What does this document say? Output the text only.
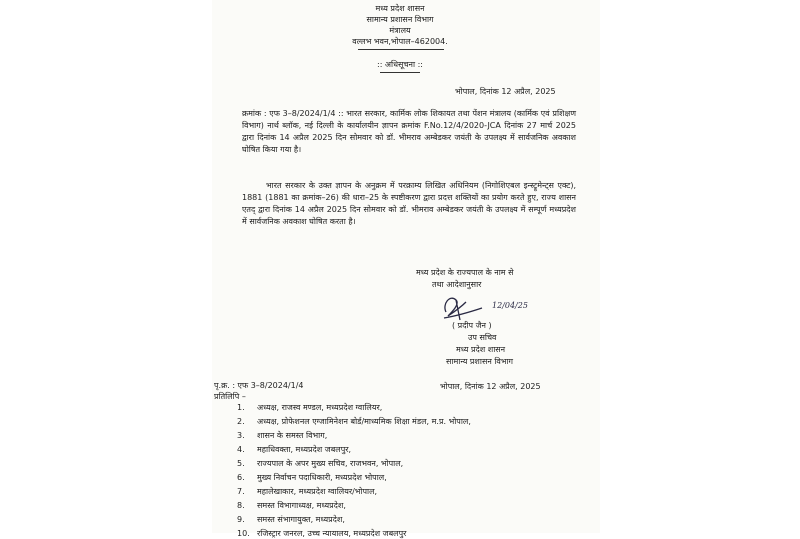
मध्य प्रदेश शासन
सामान्य प्रशासन विभाग
मंत्रालय
वल्लभ भवन,भोपाल–462004.
:: अधिसूचना ::
भोपाल, दिनांक 12 अप्रैल, 2025
क्रमांक : एफ 3–8/2024/1/4 :: भारत सरकार, कार्मिक लोक शिकायत तथा पेंशन मंत्रालय (कार्मिक एवं प्रशिक्षण विभाग) नार्थ ब्लॉक, नई दिल्ली के कार्यालयीन ज्ञापन क्रमांक F.No.12/4/2020-JCA दिनांक 27 मार्च 2025 द्वारा दिनांक 14 अप्रैल 2025 दिन सोमवार को डॉ. भीमराव अम्बेडकर जयंती के उपलक्ष्य में सार्वजनिक अवकाश घोषित किया गया है।
भारत सरकार के उक्त ज्ञापन के अनुक्रम में परक्राम्य लिखित अधिनियम (निगोशिएबल इन्स्ट्रूमेन्ट्स एक्ट), 1881 (1881 का क्रमांक–26) की धारा–25 के स्पष्टीकरण द्वारा प्रदत्त शक्तियों का प्रयोग करते हुए, राज्य शासन एतद् द्वारा दिनांक 14 अप्रैल 2025 दिन सोमवार को डॉ. भीमराव अम्बेडकर जयंती के उपलक्ष्य में सम्पूर्ण मध्यप्रदेश में सार्वजनिक अवकाश घोषित करता है।
मध्य प्रदेश के राज्यपाल के नाम से
तथा आदेशानुसार
12/04/25
( प्रदीप जैन )
उप सचिव
मध्य प्रदेश शासन
सामान्य प्रशासन विभाग
पृ.क्र. : एफ 3–8/2024/1/4	भोपाल, दिनांक 12 अप्रैल, 2025
प्रतिलिपि –
1. अध्यक्ष, राजस्व मण्डल, मध्यप्रदेश ग्वालियर,
2. अध्यक्ष, प्रोफेशनल एग्जामिनेशन बोर्ड/माध्यमिक शिक्षा मंडल, म.प्र. भोपाल,
3. शासन के समस्त विभाग,
4. महाधिवक्ता, मध्यप्रदेश जबलपुर,
5. राज्यपाल के अपर मुख्य सचिव, राजभवन, भोपाल,
6. मुख्य निर्वाचन पदाधिकारी, मध्यप्रदेश भोपाल,
7. महालेखाकार, मध्यप्रदेश ग्वालियर/भोपाल,
8. समस्त विभागाध्यक्ष, मध्यप्रदेश,
9. समस्त संभागायुक्त, मध्यप्रदेश,
10. रजिस्ट्रार जनरल, उच्च न्यायालय, मध्यप्रदेश जबलपुर
